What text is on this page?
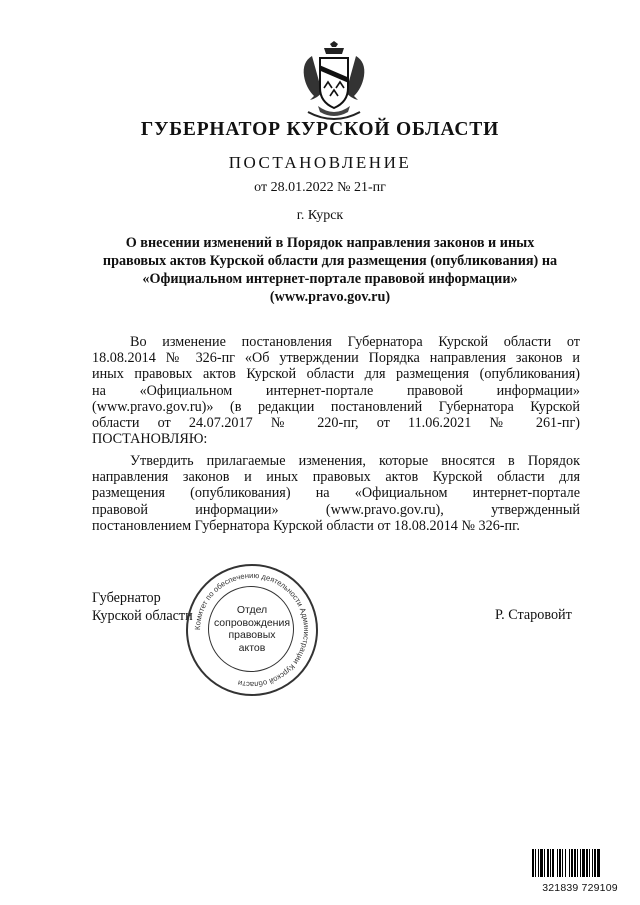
ГУБЕРНАТОР КУРСКОЙ ОБЛАСТИ
ПОСТАНОВЛЕНИЕ
от 28.01.2022 № 21-пг
г. Курск
О внесении изменений в Порядок направления законов и иных
правовых актов Курской области для размещения (опубликования) на
«Официальном интернет-портале правовой информации»
(www.pravo.gov.ru)
Во изменение постановления Губернатора Курской области от
18.08.2014 № 326-пг «Об утверждении Порядка направления законов и
иных правовых актов Курской области для размещения (опубликования)
на «Официальном интернет-портале правовой информации»
(www.pravo.gov.ru)» (в редакции постановлений Губернатора Курской
области от 24.07.2017 № 220-пг, от 11.06.2021 № 261-пг)
ПОСТАНОВЛЯЮ:
Утвердить прилагаемые изменения, которые вносятся в Порядок
направления законов и иных правовых актов Курской области для
размещения (опубликования) на «Официальном интернет-портале
правовой информации» (www.pravo.gov.ru), утвержденный
постановлением Губернатора Курской области от 18.08.2014 № 326-пг.
Губернатор
Курской области
Комитет по обеспечению деятельности Администрации Курской области
Отдел
сопровождения
правовых
актов
Р. Старовойт
321839 729109
